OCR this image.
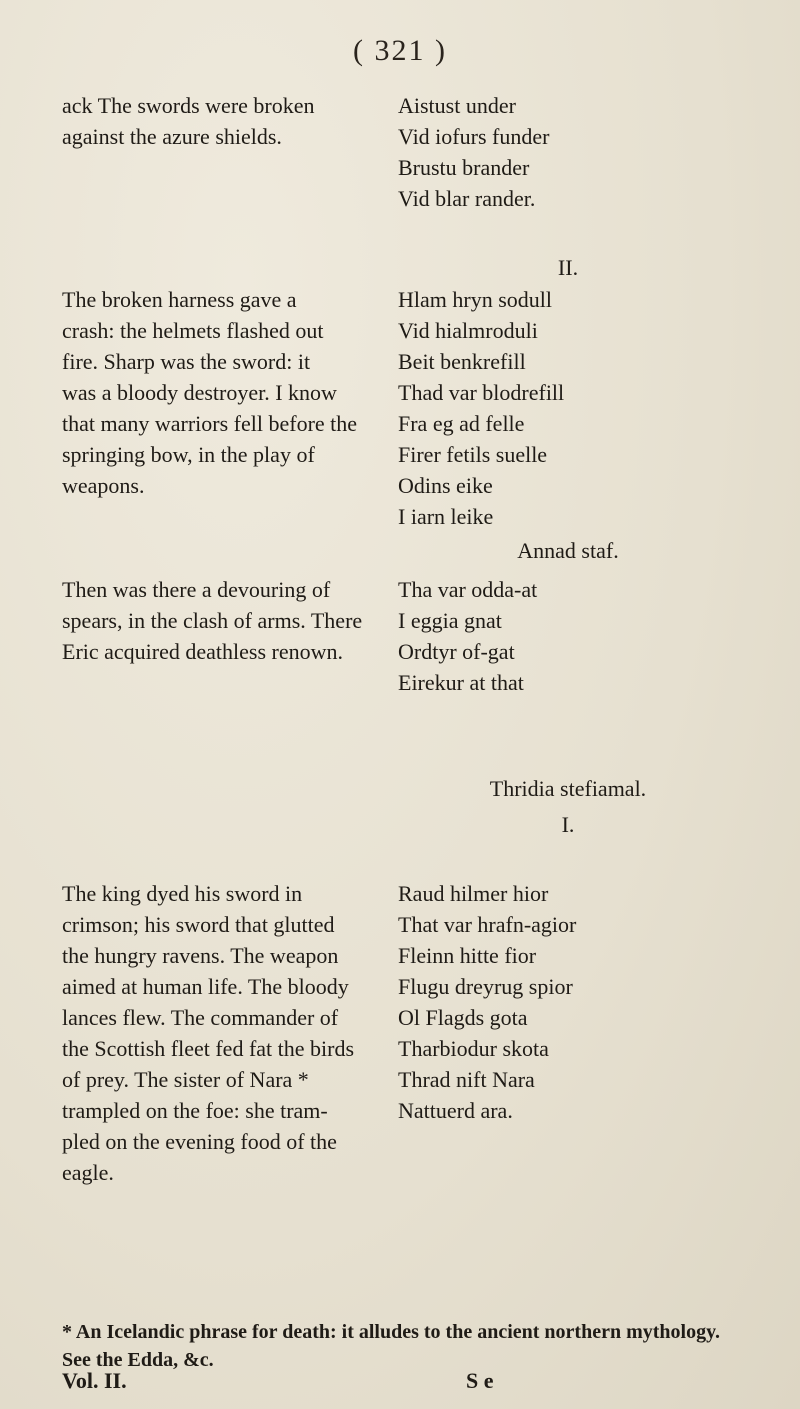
( 321 )
ack The swords were broken
against the azure shields.
The broken harness gave a
crash: the helmets flashed out
fire. Sharp was the sword: it
was a bloody destroyer. I know
that many warriors fell before the
springing bow, in the play of
weapons.
Then was there a devouring of
spears, in the clash of arms. There
Eric acquired deathless renown.
The king dyed his sword in
crimson; his sword that glutted
the hungry ravens. The weapon
aimed at human life. The bloody
lances flew. The commander of
the Scottish fleet fed fat the birds
of prey. The sister of Nara *
trampled on the foe: she tram-
pled on the evening food of the
eagle.
Aistust under
Vid iofurs funder
Brustu brander
Vid blar rander.
II.
Hlam hryn sodull
Vid hialmroduli
Beit benkrefill
Thad var blodrefill
Fra eg ad felle
Firer fetils suelle
Odins eike
I iarn leike
Annad staf.
Tha var odda-at
I eggia gnat
Ordtyr of-gat
Eirekur at that
Thridia stefiamal.
I.
Raud hilmer hior
That var hrafn-agior
Fleinn hitte fior
Flugu dreyrug spior
Ol Flagds gota
Tharbiodur skota
Thrad nift Nara
Nattuerd ara.
* An Icelandic phrase for death: it alludes to the ancient northern mythology.
See the Edda, &c.
Vol. II.	S e
